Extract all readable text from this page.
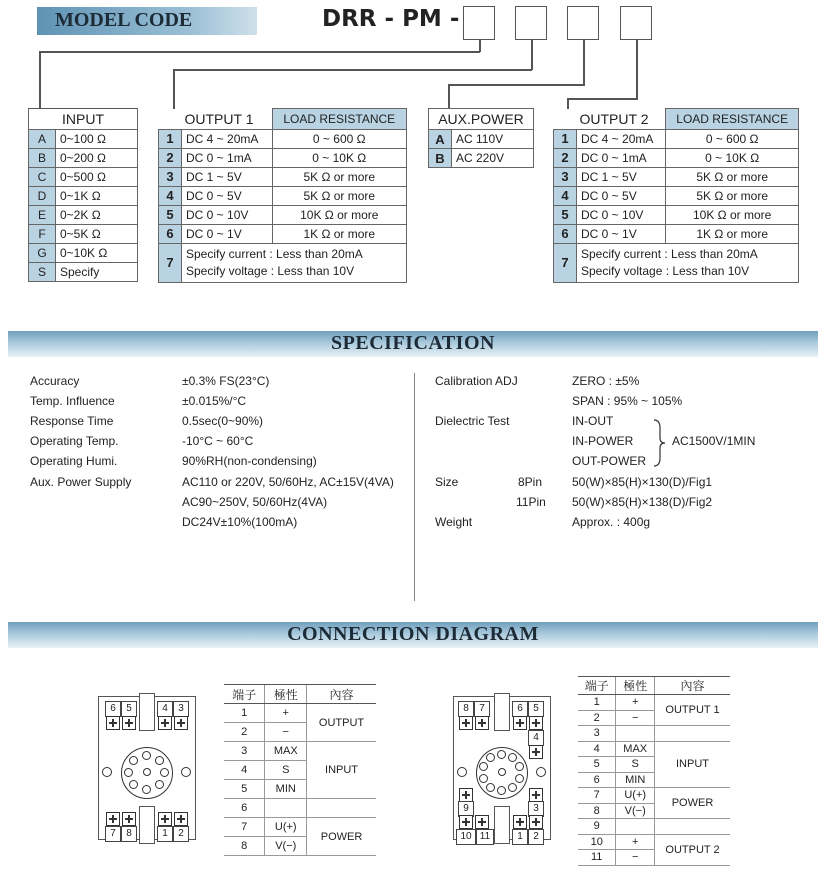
MODEL CODE	DRR - PM -
INPUT	
A	0~100 Ω
B	0~200 Ω
C	0~500 Ω
D	0~1K Ω
E	0~2K Ω
F	0~5K Ω
G	0~10K Ω
S	Specify
OUTPUT 1		LOAD RESISTANCE
1	DC 4 ~ 20mA	0 ~ 600 Ω
2	DC 0 ~ 1mA	0 ~ 10K Ω
3	DC 1 ~ 5V	5K Ω or more
4	DC 0 ~ 5V	5K Ω or more
5	DC 0 ~ 10V	10K Ω or more
6	DC 0 ~ 1V	1K Ω or more
7	Specify current : Less than 20mA
Specify voltage : Less than 10V	
AUX.POWER	
A	AC 110V
B	AC 220V
OUTPUT 2		LOAD RESISTANCE
1	DC 4 ~ 20mA	0 ~ 600 Ω
2	DC 0 ~ 1mA	0 ~ 10K Ω
3	DC 1 ~ 5V	5K Ω or more
4	DC 0 ~ 5V	5K Ω or more
5	DC 0 ~ 10V	10K Ω or more
6	DC 0 ~ 1V	1K Ω or more
7	Specify current : Less than 20mA
Specify voltage : Less than 10V	
SPECIFICATION
Accuracy	±0.3% FS(23°C)
Temp. Influence	±0.015%/°C
Response Time	0.5sec(0~90%)
Operating Temp.	-10°C ~ 60°C
Operating Humi.	90%RH(non-condensing)
Aux. Power Supply	AC110 or 220V, 50/60Hz, AC±15V(4VA)
AC90~250V, 50/60Hz(4VA)
DC24V±10%(100mA)
Calibration ADJ	ZERO : ±5%
SPAN : 95% ~ 105%
Dielectric Test	IN-OUT
IN-POWER
OUT-POWER
AC1500V/1MIN
Size	8Pin 50(W)×85(H)×130(D)/Fig1
11Pin 50(W)×85(H)×138(D)/Fig2
Weight	Approx. : 400g
CONNECTION DIAGRAM
6	5	4	3
7	8	1	2
端子	極性	內容
1	+	OUTPUT
2	−	
3	MAX	INPUT
4	S	
5	MIN	
6		
7	U(+)	POWER
8	V(−)	
8	7	6	5
4
9	3
10 11	1	2
端子	極性	內容
1	+	OUTPUT 1
2	−	
3		
4	MAX	INPUT
5	S	
6	MIN	
7	U(+)	POWER
8	V(−)	
9		
10	+	OUTPUT 2
11	−	
